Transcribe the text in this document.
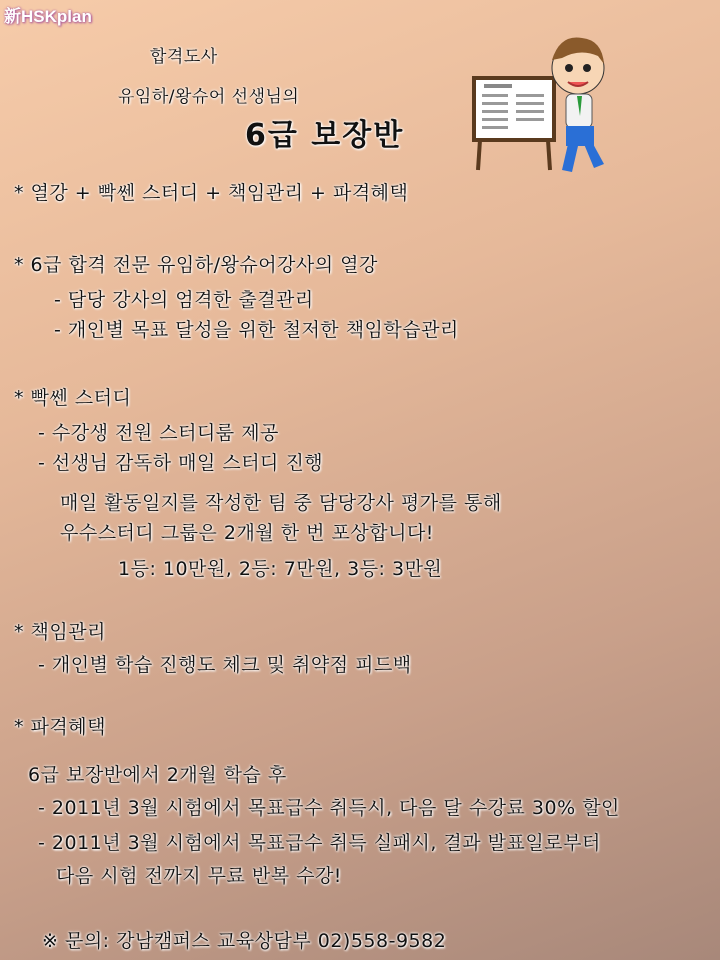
新HSKplan
합격도사
유임하/왕슈어 선생님의
6급 보장반
* 열강 + 빡쎈 스터디 + 책임관리 + 파격혜택
* 6급 합격 전문 유임하/왕슈어강사의 열강
- 담당 강사의 엄격한 출결관리
- 개인별 목표 달성을 위한 철저한 책임학습관리
* 빡쎈 스터디
- 수강생 전원 스터디룸 제공
- 선생님 감독하 매일 스터디 진행
매일 활동일지를 작성한 팀 중 담당강사 평가를 통해
우수스터디 그룹은 2개월 한 번 포상합니다!
1등: 10만원, 2등: 7만원, 3등: 3만원
* 책임관리
- 개인별 학습 진행도 체크 및 취약점 피드백
* 파격혜택
6급 보장반에서 2개월 학습 후
- 2011년 3월 시험에서 목표급수 취득시, 다음 달 수강료 30% 할인
- 2011년 3월 시험에서 목표급수 취득 실패시, 결과 발표일로부터
다음 시험 전까지 무료 반복 수강!
※ 문의: 강남캠퍼스 교육상담부 02)558-9582
